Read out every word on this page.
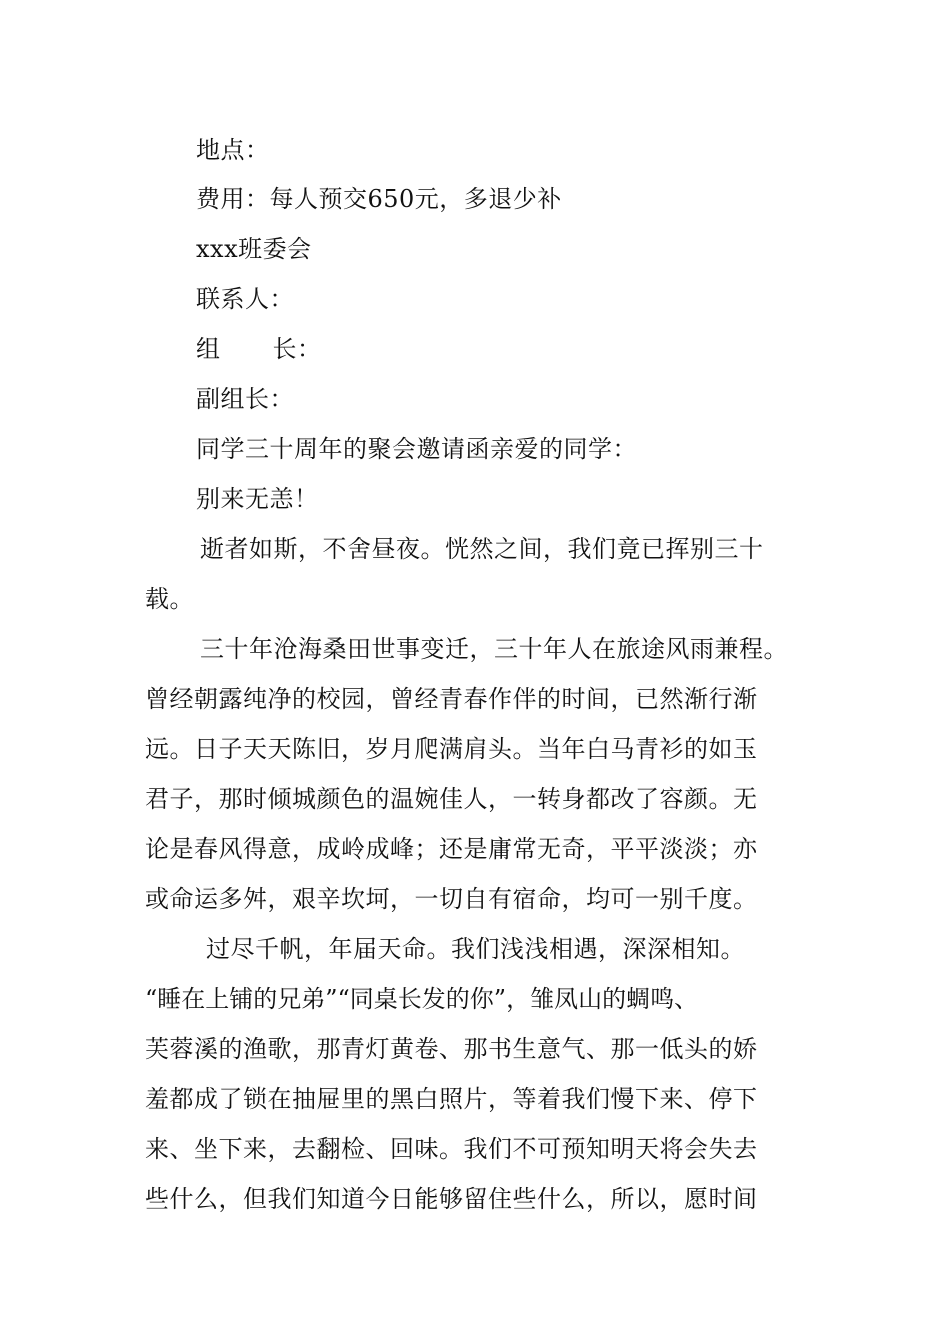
地点：
费用：每人预交650元，多退少补
xxx班委会
联系人：
组 长：
副组长：
同学三十周年的聚会邀请函亲爱的同学：
别来无恙！
逝者如斯，不舍昼夜。恍然之间，我们竟已挥别三十
载。
三十年沧海桑田世事变迁，三十年人在旅途风雨兼程。
曾经朝露纯净的校园，曾经青春作伴的时间，已然渐行渐
远。日子天天陈旧，岁月爬满肩头。当年白马青衫的如玉
君子，那时倾城颜色的温婉佳人，一转身都改了容颜。无
论是春风得意，成岭成峰；还是庸常无奇，平平淡淡；亦
或命运多舛，艰辛坎坷，一切自有宿命，均可一别千度。
过尽千帆，年届天命。我们浅浅相遇，深深相知。
“睡在上铺的兄弟”“同桌长发的你”，雏凤山的蜩鸣、
芙蓉溪的渔歌，那青灯黄卷、那书生意气、那一低头的娇
羞都成了锁在抽屉里的黑白照片，等着我们慢下来、停下
来、坐下来，去翻检、回味。我们不可预知明天将会失去
些什么，但我们知道今日能够留住些什么，所以，愿时间
